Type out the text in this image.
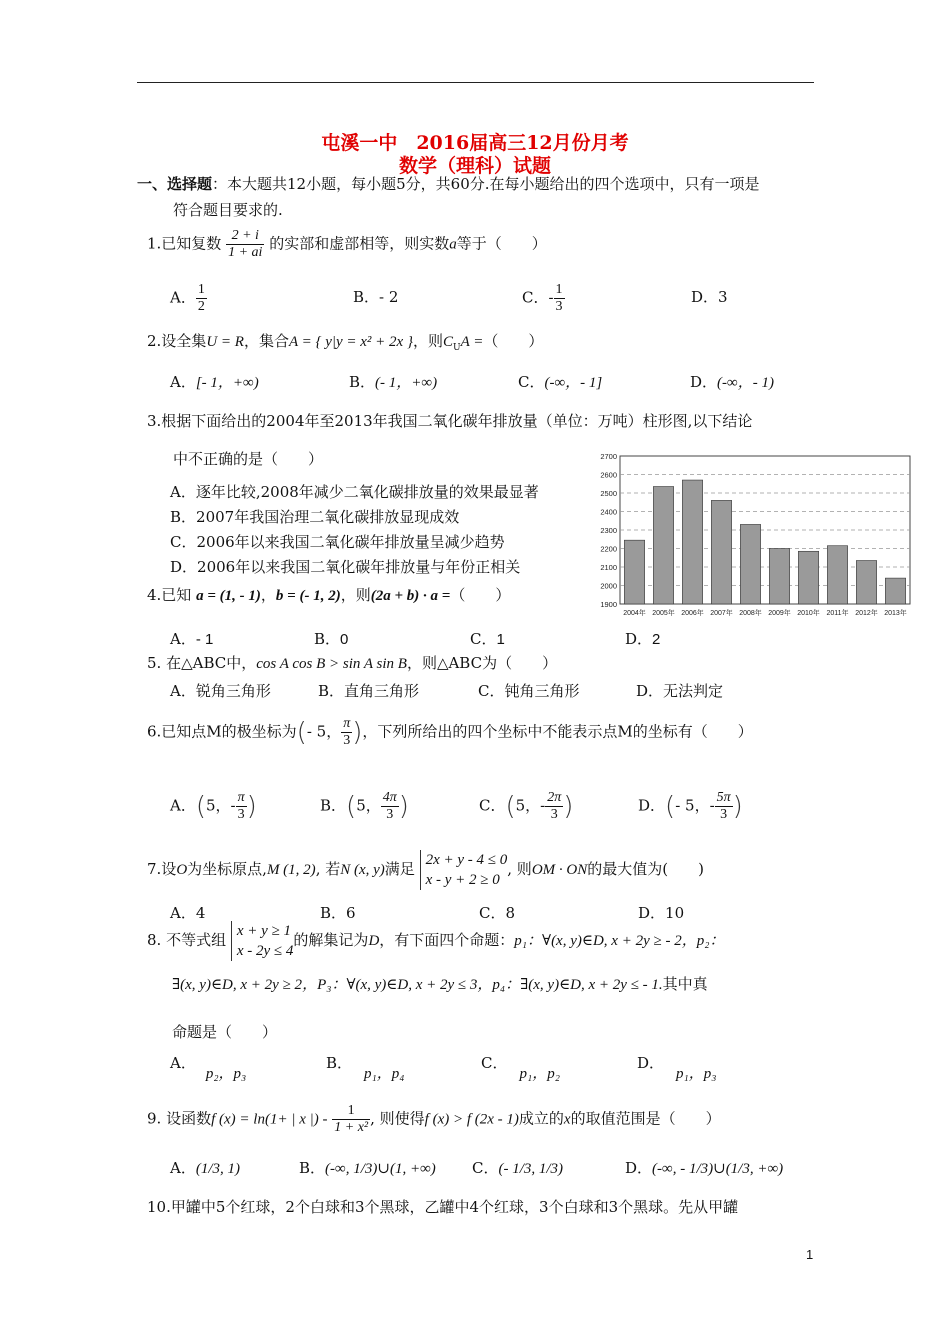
屯溪一中　2016届高三12月份月考
数学（理科）试题
一、选择题：本大题共12小题，每小题5分，共60分.在每小题给出的四个选项中，只有一项是
符合题目要求的.
1.已知复数 $\frac{2 + i}{1 + ai}$ 的实部和虚部相等，则实数a等于（　　）
A． $\frac{1}{2}$	B．- 2	C．- $\frac{1}{3}$	D．3
2.设全集U = R，集合A = { y|y = x² + 2x }，则$C_UA$ =（　　）
A．[- 1，+∞)	B．(- 1，+∞)	C．(-∞，- 1]	D．(-∞，- 1)
3.根据下面给出的2004年至2013年我国二氧化碳年排放量（单位：万吨）柱形图,以下结论
中不正确的是（　　）
A．逐年比较,2008年减少二氧化碳排放量的效果最显著
B．2007年我国治理二氧化碳排放显现成效
C．2006年以来我国二氧化碳年排放量呈减少趋势
D．2006年以来我国二氧化碳年排放量与年份正相关
1900
2000
2100
2200
2300
2400
2500
2600
2700
2004年 2005年 2006年 2007年 2008年 2009年 2010年 2011年 2012年 2013年
4.已知 a = (1, - 1)，b = (- 1, 2)，则(2a + b) · a =（　　）
A．- 1	B．0	C．1	D．2
5. 在△ABC中，cos A cos B > sin A sin B，则△ABC为（　　）
A．锐角三角形	B．直角三角形	C．钝角三角形	D．无法判定
6.已知点M的极坐标为(- 5， $\frac{\pi}{3}$ )，下列所给出的四个坐标中不能表示点M的坐标有（　　）
A．(5，- $\frac{\pi}{3}$ )	B．(5， $\frac{4\pi}{3}$ )	C．(5，- $\frac{2\pi}{3}$ )	D．(- 5，- $\frac{5\pi}{3}$ )
7.设O为坐标原点,M (1, 2), 若N (x, y)满足 2x + y - 4 ≤ 0
x - y + 2 ≥ 0
, 则OM · ON的最大值为(　　)
A．4	B．6	C．8	D．10
8. 不等式组 x + y ≥ 1
x - 2y ≤ 4
的解集记为D，有下面四个命题：p₁：∀(x, y)∈D, x + 2y ≥ - 2，p₂：
∃(x, y)∈D, x + 2y ≥ 2，P₃：∀(x, y)∈D, x + 2y ≤ 3，p₄：∃(x, y)∈D, x + 2y ≤ - 1.其中真
命题是（　　）
A．p₂，p₃
B．p₁，p₄
C．p₁，p₂
D．p₁，p₃
9. 设函数f (x) = ln(1+ | x |) - $\frac{1}{\text{1 + x²}}$ , 则使得f (x) > f (2x - 1)成立的x的取值范围是（　　）
A．(1/3, 1)	B．(-∞, 1/3)∪(1, +∞) C．(- 1/3, 1/3)	D．(-∞, - 1/3)∪(1/3, +∞)
10.甲罐中5个红球，2个白球和3个黑球，乙罐中4个红球，3个白球和3个黑球。先从甲罐
1
